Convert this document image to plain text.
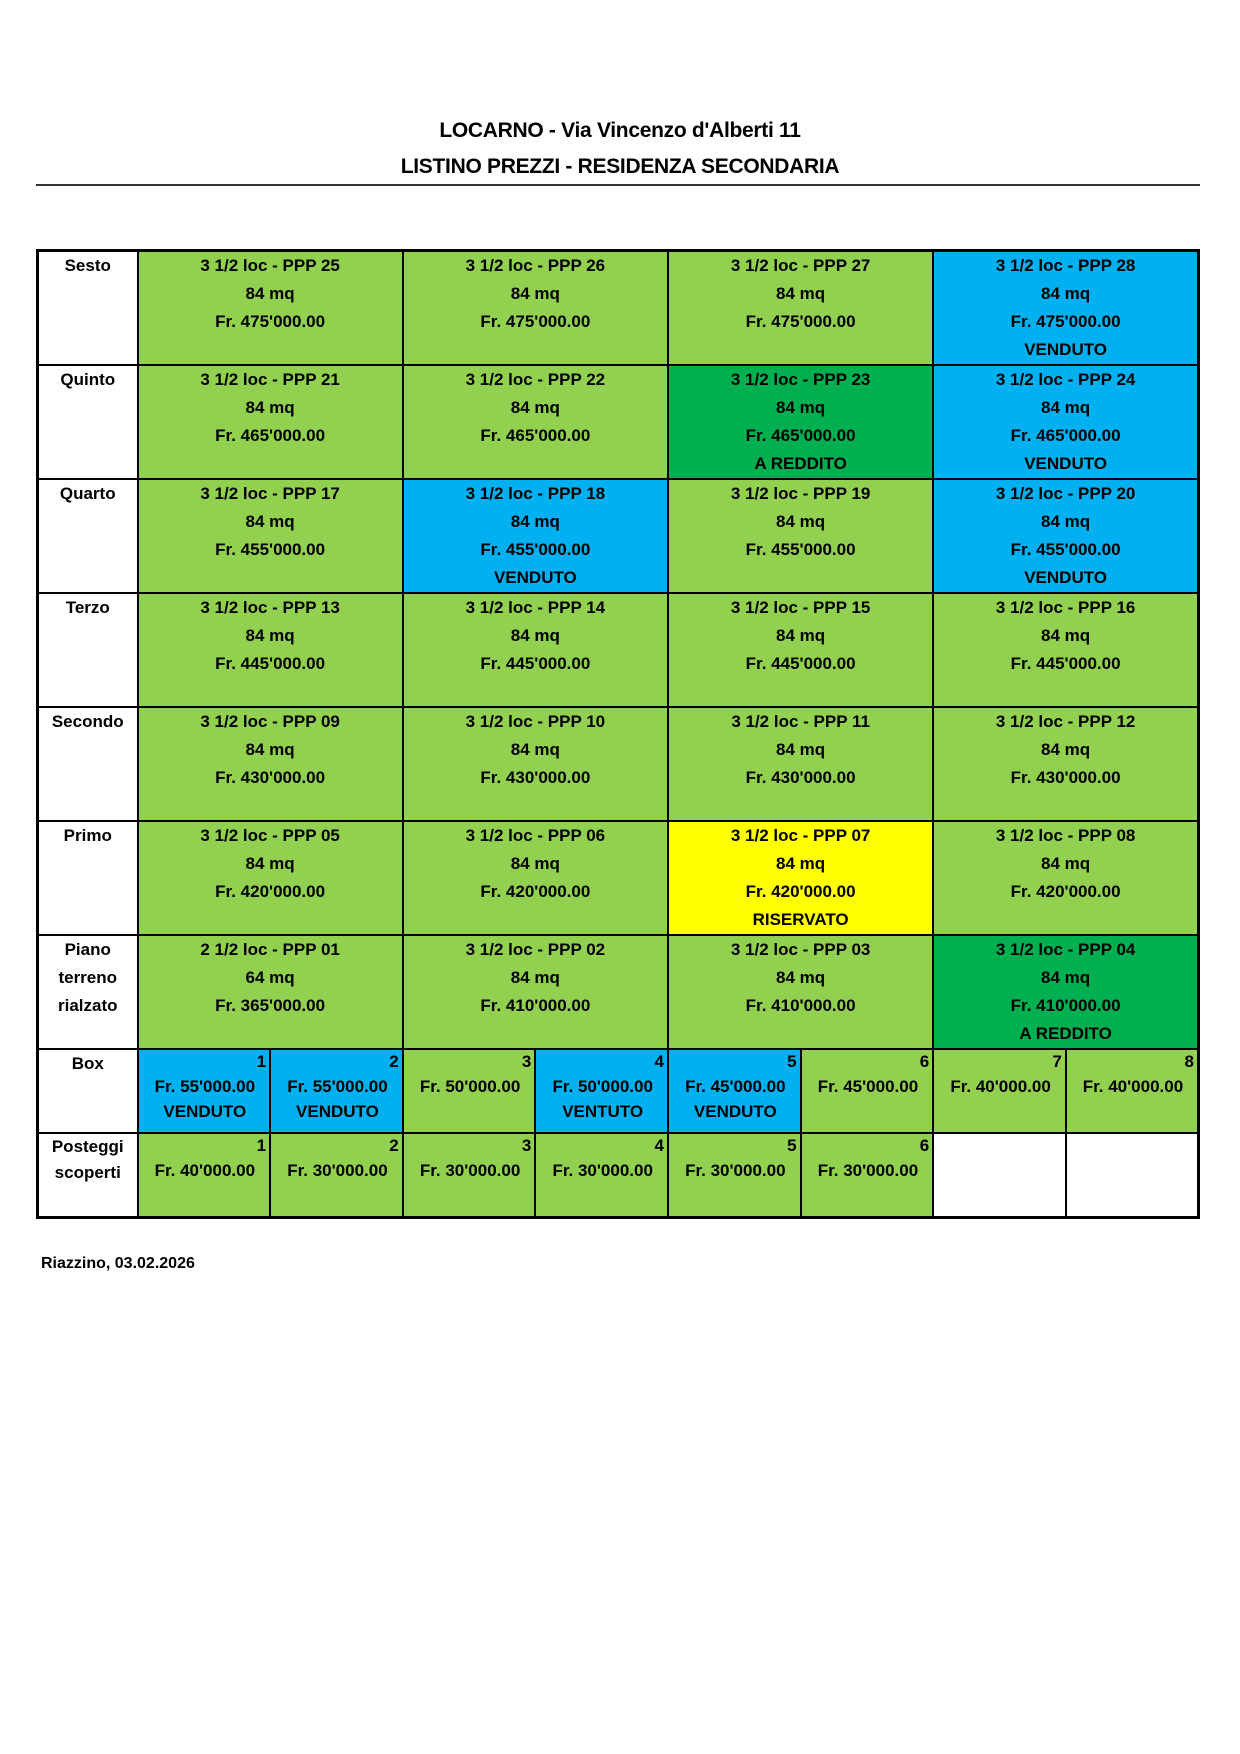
LOCARNO - Via Vincenzo d'Alberti 11
LISTINO PREZZI - RESIDENZA SECONDARIA
Sesto	3 1/2 loc - PPP 25
84 mq
Fr. 475'000.00		3 1/2 loc - PPP 26
84 mq
Fr. 475'000.00		3 1/2 loc - PPP 27
84 mq
Fr. 475'000.00		3 1/2 loc - PPP 28
84 mq
Fr. 475'000.00
VENDUTO	

Quinto	3 1/2 loc - PPP 21
84 mq
Fr. 465'000.00		3 1/2 loc - PPP 22
84 mq
Fr. 465'000.00		3 1/2 loc - PPP 23
84 mq
Fr. 465'000.00
A REDDITO		3 1/2 loc - PPP 24
84 mq
Fr. 465'000.00
VENDUTO	

Quarto	3 1/2 loc - PPP 17
84 mq
Fr. 455'000.00		3 1/2 loc - PPP 18
84 mq
Fr. 455'000.00
VENDUTO		3 1/2 loc - PPP 19
84 mq
Fr. 455'000.00		3 1/2 loc - PPP 20
84 mq
Fr. 455'000.00
VENDUTO	

Terzo	3 1/2 loc - PPP 13
84 mq
Fr. 445'000.00		3 1/2 loc - PPP 14
84 mq
Fr. 445'000.00		3 1/2 loc - PPP 15
84 mq
Fr. 445'000.00		3 1/2 loc - PPP 16
84 mq
Fr. 445'000.00	

Secondo	3 1/2 loc - PPP 09
84 mq
Fr. 430'000.00		3 1/2 loc - PPP 10
84 mq
Fr. 430'000.00		3 1/2 loc - PPP 11
84 mq
Fr. 430'000.00		3 1/2 loc - PPP 12
84 mq
Fr. 430'000.00	

Primo	3 1/2 loc - PPP 05
84 mq
Fr. 420'000.00		3 1/2 loc - PPP 06
84 mq
Fr. 420'000.00		3 1/2 loc - PPP 07
84 mq
Fr. 420'000.00
RISERVATO		3 1/2 loc - PPP 08
84 mq
Fr. 420'000.00	

Piano
terreno
rialzato	2 1/2 loc - PPP 01
64 mq
Fr. 365'000.00		3 1/2 loc - PPP 02
84 mq
Fr. 410'000.00		3 1/2 loc - PPP 03
84 mq
Fr. 410'000.00		3 1/2 loc - PPP 04
84 mq
Fr. 410'000.00
A REDDITO	

Box	1
Fr. 55'000.00
VENDUTO	2
Fr. 55'000.00
VENDUTO	3
Fr. 50'000.00	4
Fr. 50'000.00
VENTUTO	5
Fr. 45'000.00
VENDUTO	6
Fr. 45'000.00	7
Fr. 40'000.00	8
Fr. 40'000.00

Posteggi
scoperti	1
Fr. 40'000.00	2
Fr. 30'000.00	3
Fr. 30'000.00	4
Fr. 30'000.00	5
Fr. 30'000.00	6
Fr. 30'000.00		

Riazzino, 03.02.2026
